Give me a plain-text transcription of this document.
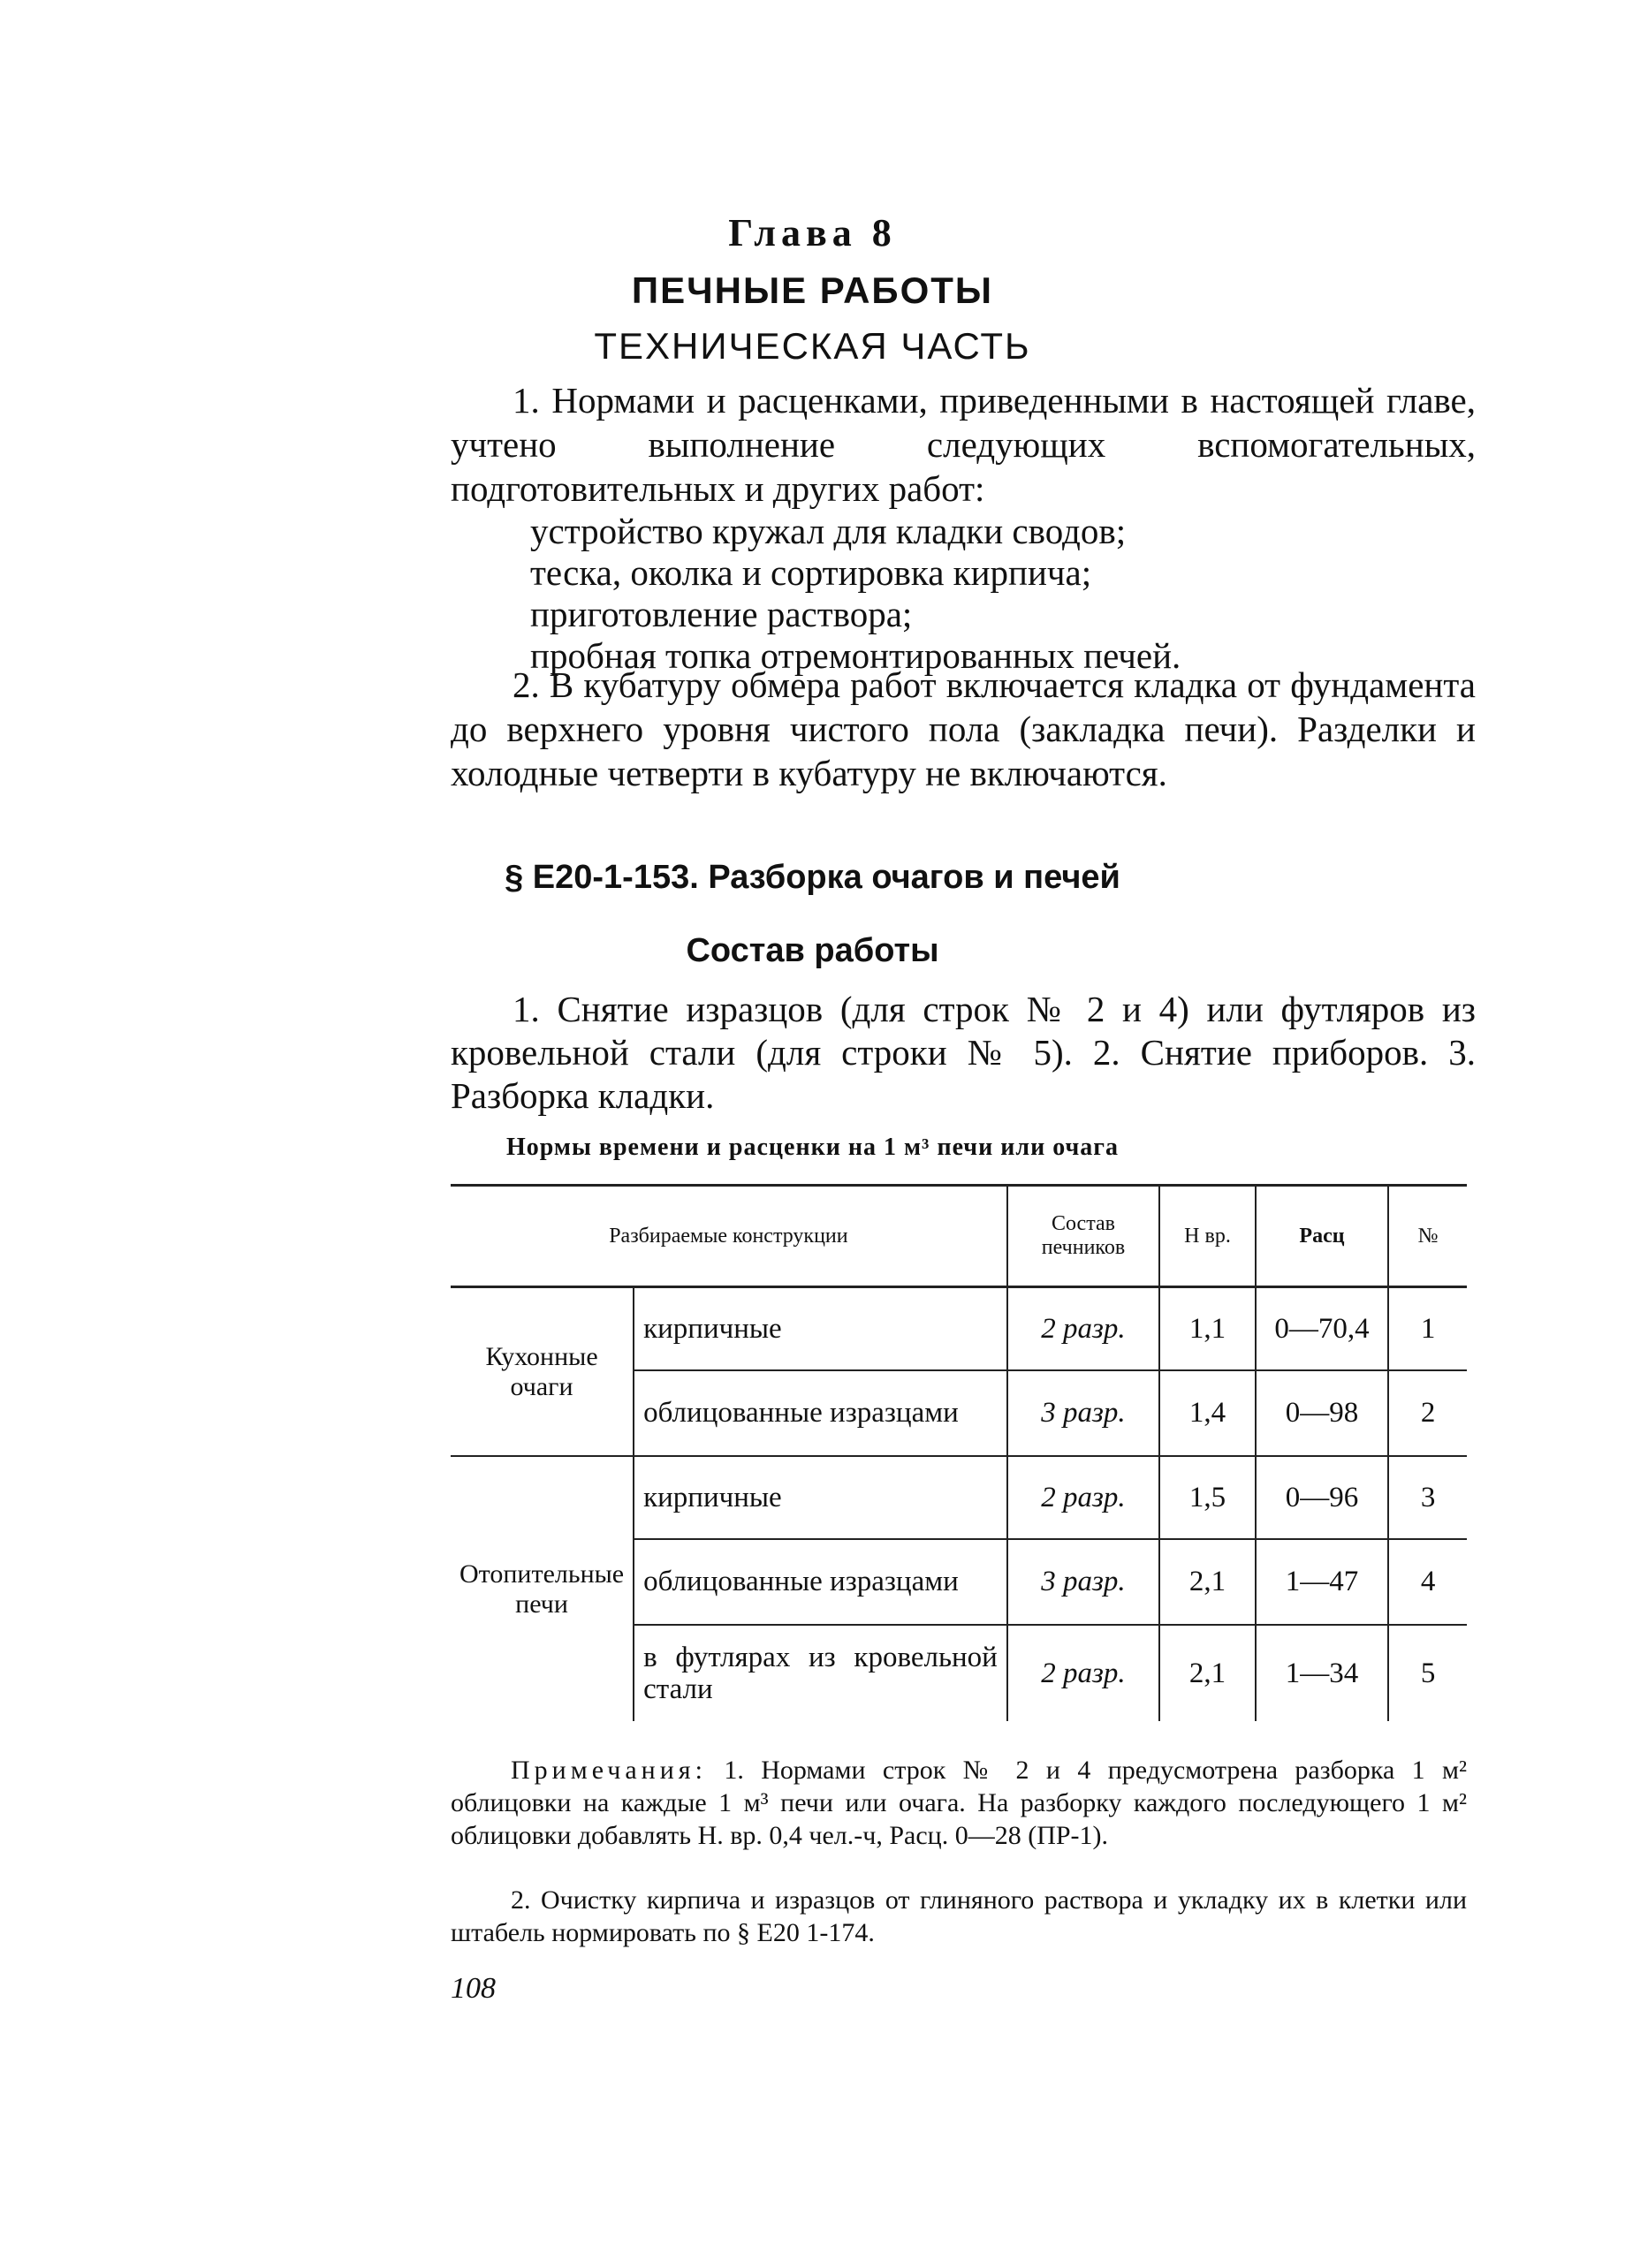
Глава 8
ПЕЧНЫЕ РАБОТЫ
ТЕХНИЧЕСКАЯ ЧАСТЬ
1. Нормами и расценками, приведенными в настоящей главе, учтено выполнение следующих вспомогательных, подготовительных и других работ:
устройство кружал для кладки сводов;
теска, околка и сортировка кирпича;
приготовление раствора;
пробная топка отремонтированных печей.
2. В кубатуру обмера работ включается кладка от фундамента до верхнего уровня чистого пола (закладка печи). Разделки и холодные четверти в кубатуру не включаются.
§ Е20-1-153. Разборка очагов и печей
Состав работы
1. Снятие изразцов (для строк № 2 и 4) или футляров из кровельной стали (для строки № 5). 2. Снятие приборов. 3. Разборка кладки.
Нормы времени и расценки на 1 м³ печи или очага
Разбираемые конструкции		Состав печников	Н вр.	Расц	№
Кухонные очаги	кирпичные	2 разр.	1,1	0—70,4	1
	облицованные изразцами	3 разр.	1,4	0—98	2
Отопительные печи	кирпичные	2 разр.	1,5	0—96	3
	облицованные изразцами	3 разр.	2,1	1—47	4
	в футлярах из кровельной стали	2 разр.	2,1	1—34	5
Примечания: 1. Нормами строк № 2 и 4 предусмотрена разборка 1 м² облицовки на каждые 1 м³ печи или очага. На разборку каждого последующего 1 м² облицовки добавлять Н. вр. 0,4 чел.-ч, Расц. 0—28 (ПР-1).
2. Очистку кирпича и изразцов от глиняного раствора и укладку их в клетки или штабель нормировать по § Е20 1-174.
108
